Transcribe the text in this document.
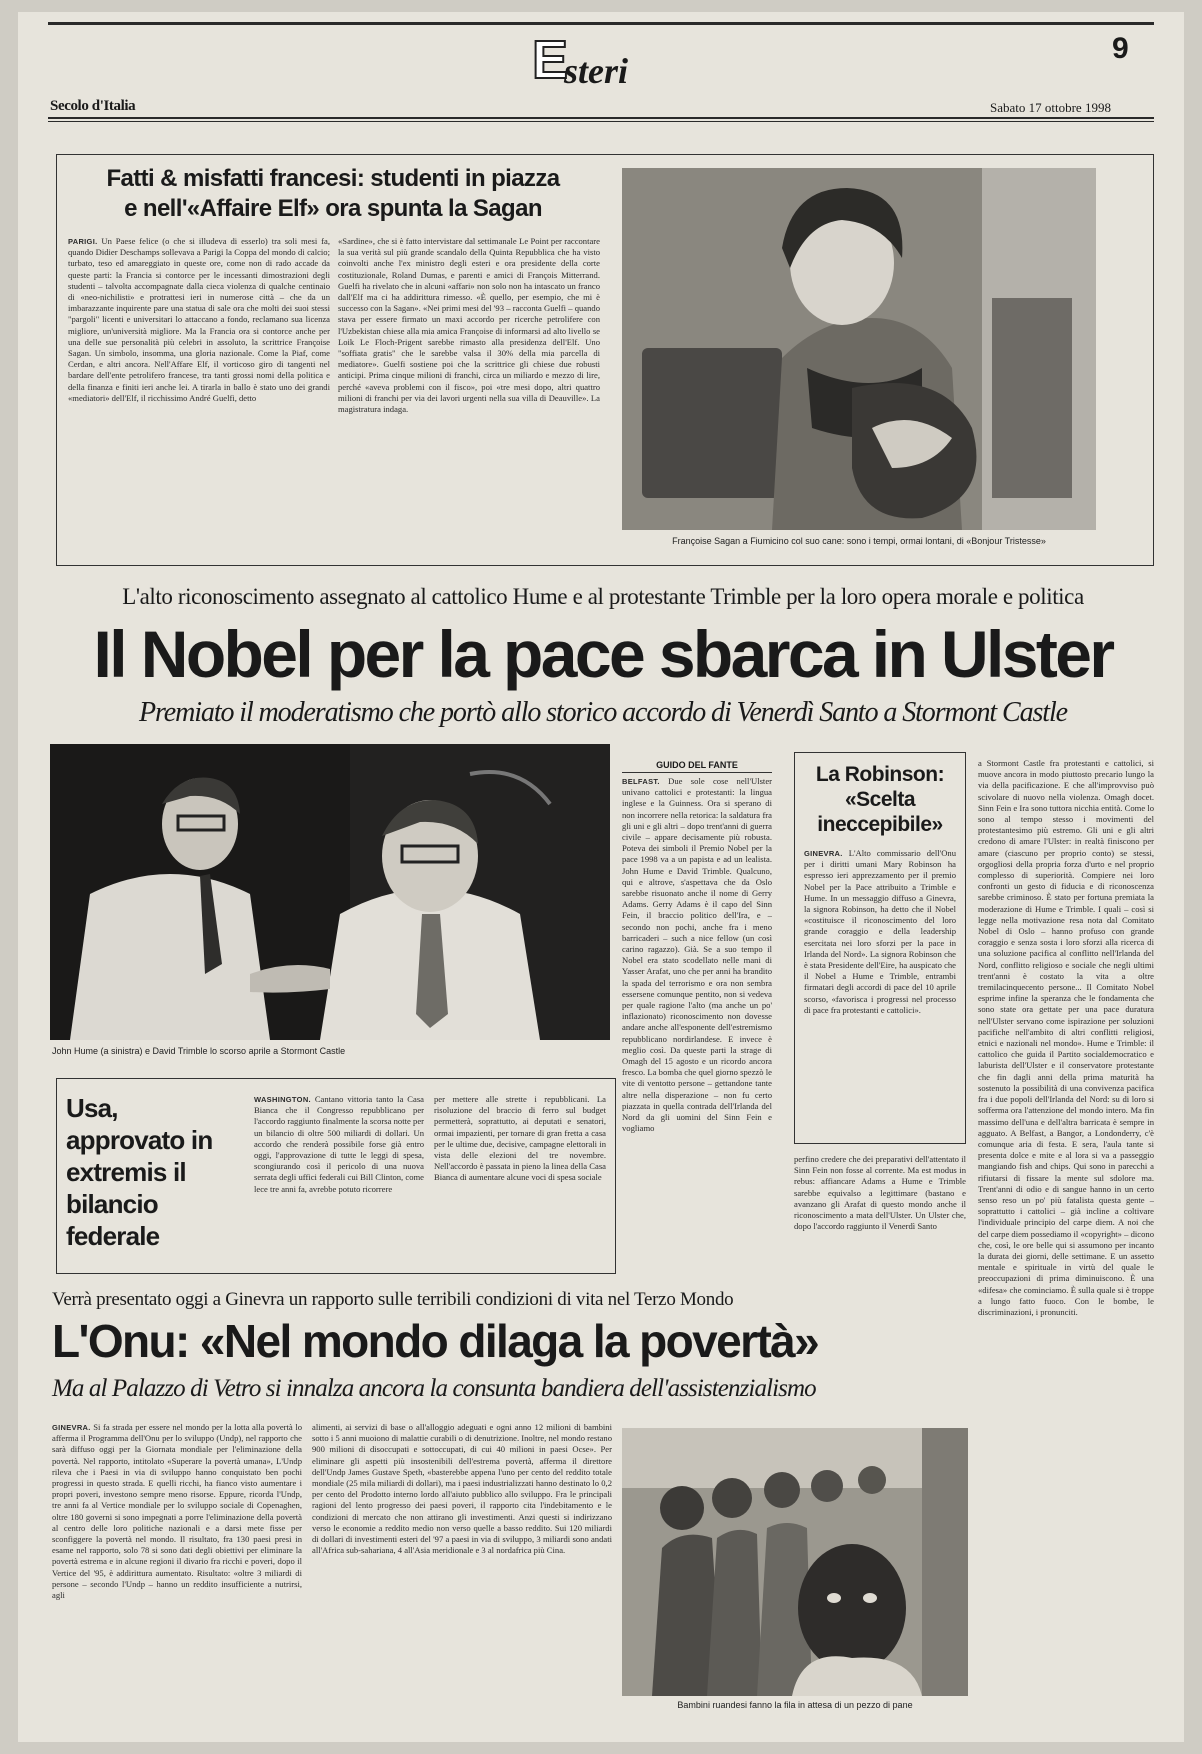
E
steri
9
Secolo d'Italia	Sabato 17 ottobre 1998
Fatti & misfatti francesi: studenti in piazza
e nell'«Affaire Elf» ora spunta la Sagan
PARIGI. Un Paese felice (o che si illudeva di esserlo) tra soli mesi fa, quando Didier Deschamps sollevava a Parigi la Coppa del mondo di calcio; turbato, teso ed amareggiato in queste ore, come non di rado accade da queste parti: la Francia si contorce per le incessanti dimostrazioni degli studenti – talvolta accompagnate dalla cieca violenza di qualche centinaio di «neo-nichilisti» e protrattesi ieri in numerose città – che da un imbarazzante inquirente pare una statua di sale ora che molti dei suoi stessi "pargoli" licenti e universitari lo attaccano a fondo, reclamano sua licenza migliore, un'università migliore. Ma la Francia ora si contorce anche per una delle sue personalità più celebri in assoluto, la scrittrice Françoise Sagan. Un simbolo, insomma, una gloria nazionale. Come la Piaf, come Cerdan, e altri ancora. Nell'Affare Elf, il vorticoso giro di tangenti nel bardare dell'ente petrolifero francese, tra tanti grossi nomi della politica e della finanza e finiti ieri anche lei. A tirarla in ballo è stato uno dei grandi «mediatori» dell'Elf, il ricchissimo André Guelfi, detto
«Sardine», che si è fatto intervistare dal settimanale Le Point per raccontare la sua verità sul più grande scandalo della Quinta Repubblica che ha visto coinvolti anche l'ex ministro degli esteri e ora presidente della corte costituzionale, Roland Dumas, e parenti e amici di François Mitterrand. Guelfi ha rivelato che in alcuni «affari» non solo non ha intascato un franco dall'Elf ma ci ha addirittura rimesso. «È quello, per esempio, che mi è successo con la Sagan». «Nei primi mesi del '93 – racconta Guelfi – quando stava per essere firmato un maxi accordo per ricerche petrolifere con l'Uzbekistan chiese alla mia amica Françoise di informarsi ad alto livello se Loik Le Floch-Prigent sarebbe rimasto alla presidenza dell'Elf. Uno "soffiata gratis" che le sarebbe valsa il 30% della mia parcella di mediatore». Guelfi sostiene poi che la scrittrice gli chiese due robusti anticipi. Prima cinque milioni di franchi, circa un miliardo e mezzo di lire, perché «aveva problemi con il fisco», poi «tre mesi dopo, altri quattro milioni di franchi per via dei lavori urgenti nella sua villa di Deauville». La magistratura indaga.
Françoise Sagan a Fiumicino col suo cane: sono i tempi, ormai lontani, di «Bonjour Tristesse»
L'alto riconoscimento assegnato al cattolico Hume e al protestante Trimble per la loro opera morale e politica
Il Nobel per la pace sbarca in Ulster
Premiato il moderatismo che portò allo storico accordo di Venerdì Santo a Stormont Castle
John Hume (a sinistra) e David Trimble lo scorso aprile a Stormont Castle
GUIDO DEL FANTE
BELFAST. Due sole cose nell'Ulster univano cattolici e protestanti: la lingua inglese e la Guinness. Ora si sperano di non incorrere nella retorica: la saldatura fra gli uni e gli altri – dopo trent'anni di guerra civile – appare decisamente più robusta. Poteva dei simboli il Premio Nobel per la pace 1998 va a un papista e ad un lealista. John Hume e David Trimble. Qualcuno, qui e altrove, s'aspettava che da Oslo sarebbe risuonato anche il nome di Gerry Adams. Gerry Adams è il capo del Sinn Fein, il braccio politico dell'Ira, e – secondo non pochi, anche fra i meno barricaderi – such a nice fellow (un così carino ragazzo). Già. Se a suo tempo il Nobel era stato scodellato nelle mani di Yasser Arafat, uno che per anni ha brandito la spada del terrorismo e ora non sembra essersene comunque pentito, non si vedeva per quale ragione l'alto (ma anche un po' inflazionato) riconoscimento non dovesse andare anche all'esponente dell'estremismo repubblicano nordirlandese. E invece è meglio così. Da queste parti la strage di Omagh del 15 agosto e un ricordo ancora fresco. La bomba che quel giorno spezzò le vite di ventotto persone – gettandone tante altre nella disperazione – non fu certo piazzata in quella contrada dell'Irlanda del Nord da gli uomini del Sinn Fein e vogliamo
La Robinson: «Scelta ineccepibile»
GINEVRA. L'Alto commissario dell'Onu per i diritti umani Mary Robinson ha espresso ieri apprezzamento per il premio Nobel per la Pace attribuito a Trimble e Hume. In un messaggio diffuso a Ginevra, la signora Robinson, ha detto che il Nobel «costituisce il riconoscimento del loro grande coraggio e della leadership esercitata nei loro sforzi per la pace in Irlanda del Nord». La signora Robinson che è stata Presidente dell'Eire, ha auspicato che il Nobel a Hume e Trimble, entrambi firmatari degli accordi di pace del 10 aprile scorso, «favorisca i progressi nel processo di pace fra protestanti e cattolici».
perfino credere che dei preparativi dell'attentato il Sinn Fein non fosse al corrente. Ma est modus in rebus: affiancare Adams a Hume e Trimble sarebbe equivalso a legittimare (bastano e avanzano gli Arafat di questo mondo anche il riconoscimento a mata dell'Ulster. Un Ulster che, dopo l'accordo raggiunto il Venerdì Santo
a Stormont Castle fra protestanti e cattolici, si muove ancora in modo piuttosto precario lungo la via della pacificazione. E che all'improvviso può scivolare di nuovo nella violenza. Omagh docet. Sinn Fein e Ira sono tuttora nicchia entità. Come lo sono al tempo stesso i movimenti del protestantesimo più estremo. Gli uni e gli altri credono di amare l'Ulster: in realtà finiscono per amare (ciascuno per proprio conto) se stessi, orgogliosi della propria forza d'urto e nel proprio complesso di superiorità. Compiere nei loro confronti un gesto di fiducia e di riconoscenza sarebbe criminoso. È stato per fortuna premiata la moderazione di Hume e Trimble. I quali – così si legge nella motivazione resa nota dal Comitato Nobel di Oslo – hanno profuso con grande coraggio e senza sosta i loro sforzi alla ricerca di una soluzione pacifica al conflitto nell'Irlanda del Nord, conflitto religioso e sociale che negli ultimi trent'anni è costato la vita a oltre tremilacinquecento persone... Il Comitato Nobel esprime infine la speranza che le fondamenta che sono state ora gettate per una pace duratura nell'Ulster servano come ispirazione per soluzioni pacifiche nell'ambito di altri conflitti religiosi, etnici e nazionali nel mondo». Hume e Trimble: il cattolico che guida il Partito socialdemocratico e laburista dell'Ulster e il conservatore protestante che fin dagli anni della prima maturità ha sostenuto la possibilità di una convivenza pacifica fra i due popoli dell'Irlanda del Nord: su di loro si sofferma ora l'attenzione del mondo intero. Ma fin massimo dell'una e dell'altra barricata è sempre in agguato. A Belfast, a Bangor, a Londonderry, c'è comunque aria di festa. E sera, l'aula tante si presenta dolce e mite e al lora si va a passeggio mangiando fish and chips. Qui sono in parecchi a rifiutarsi di fissare la mente sul sdolore ma. Trent'anni di odio e di sangue hanno in un certo senso reso un po' più fatalista questa gente – soprattutto i cattolici – già incline a coltivare l'individuale principio del carpe diem. A noi che del carpe diem possediamo il «copyright» – dicono che, così, le ore belle qui si assumono per incanto la durata dei giorni, delle settimane. E un assetto mentale e spirituale in virtù del quale le preoccupazioni di prima diminuiscono. È una «difesa» che cominciamo. È sulla quale si è troppe a lungo fatto fuoco. Con le bombe, le discriminazioni, i pronunciti.
Usa, approvato in extremis il bilancio federale
WASHINGTON. Cantano vittoria tanto la Casa Bianca che il Congresso repubblicano per l'accordo raggiunto finalmente la scorsa notte per un bilancio di oltre 500 miliardi di dollari. Un accordo che renderà possibile forse già entro oggi, l'approvazione di tutte le leggi di spesa, scongiurando così il pericolo di una nuova serrata degli uffici federali cui Bill Clinton, come lece tre anni fa, avrebbe potuto ricorrere
per mettere alle strette i repubblicani. La risoluzione del braccio di ferro sul budget permetterà, soprattutto, ai deputati e senatori, ormai impazienti, per tornare di gran fretta a casa per le ultime due, decisive, campagne elettorali in vista delle elezioni del tre novembre. Nell'accordo è passata in pieno la linea della Casa Bianca di aumentare alcune voci di spesa sociale
Verrà presentato oggi a Ginevra un rapporto sulle terribili condizioni di vita nel Terzo Mondo
L'Onu: «Nel mondo dilaga la povertà»
Ma al Palazzo di Vetro si innalza ancora la consunta bandiera dell'assistenzialismo
GINEVRA. Si fa strada per essere nel mondo per la lotta alla povertà lo afferma il Programma dell'Onu per lo sviluppo (Undp), nel rapporto che sarà diffuso oggi per la Giornata mondiale per l'eliminazione della povertà. Nel rapporto, intitolato «Superare la povertà umana», L'Undp rileva che i Paesi in via di sviluppo hanno conquistato ben pochi progressi in questo strada. E quelli ricchi, ha fianco visto aumentare i propri poveri, investono sempre meno risorse. Eppure, ricorda l'Undp, tre anni fa al Vertice mondiale per lo sviluppo sociale di Copenaghen, oltre 180 governi si sono impegnati a porre l'eliminazione della povertà al centro delle loro politiche nazionali e a darsi mete fisse per sconfiggere la povertà nel mondo. Il risultato, fra 130 paesi presi in esame nel rapporto, solo 78 si sono dati degli obiettivi per eliminare la povertà estrema e in alcune regioni il divario fra ricchi e poveri, dopo il Vertice del '95, è addirittura aumentato. Risultato: «oltre 3 miliardi di persone – secondo l'Undp – hanno un reddito insufficiente a nutrirsi, agli
alimenti, ai servizi di base o all'alloggio adeguati e ogni anno 12 milioni di bambini sotto i 5 anni muoiono di malattie curabili o di denutrizione. Inoltre, nel mondo restano 900 milioni di disoccupati e sottoccupati, di cui 40 milioni in paesi Ocse». Per eliminare gli aspetti più insostenibili dell'estrema povertà, afferma il direttore dell'Undp James Gustave Speth, «basterebbe appena l'uno per cento del reddito totale mondiale (25 mila miliardi di dollari), ma i paesi industrializzati hanno destinato lo 0,2 per cento del Prodotto interno lordo all'aiuto pubblico allo sviluppo. Fra le principali ragioni del lento progresso dei paesi poveri, il rapporto cita l'indebitamento e le condizioni di mercato che non attirano gli investimenti. Anzi questi si indirizzano verso le economie a reddito medio non verso quelle a basso reddito. Sui 120 miliardi di dollari di investimenti esteri del '97 a paesi in via di sviluppo, 3 miliardi sono andati all'Africa sub-sahariana, 4 all'Asia meridionale e 3 al nordafrica più Cina.
Bambini ruandesi fanno la fila in attesa di un pezzo di pane
